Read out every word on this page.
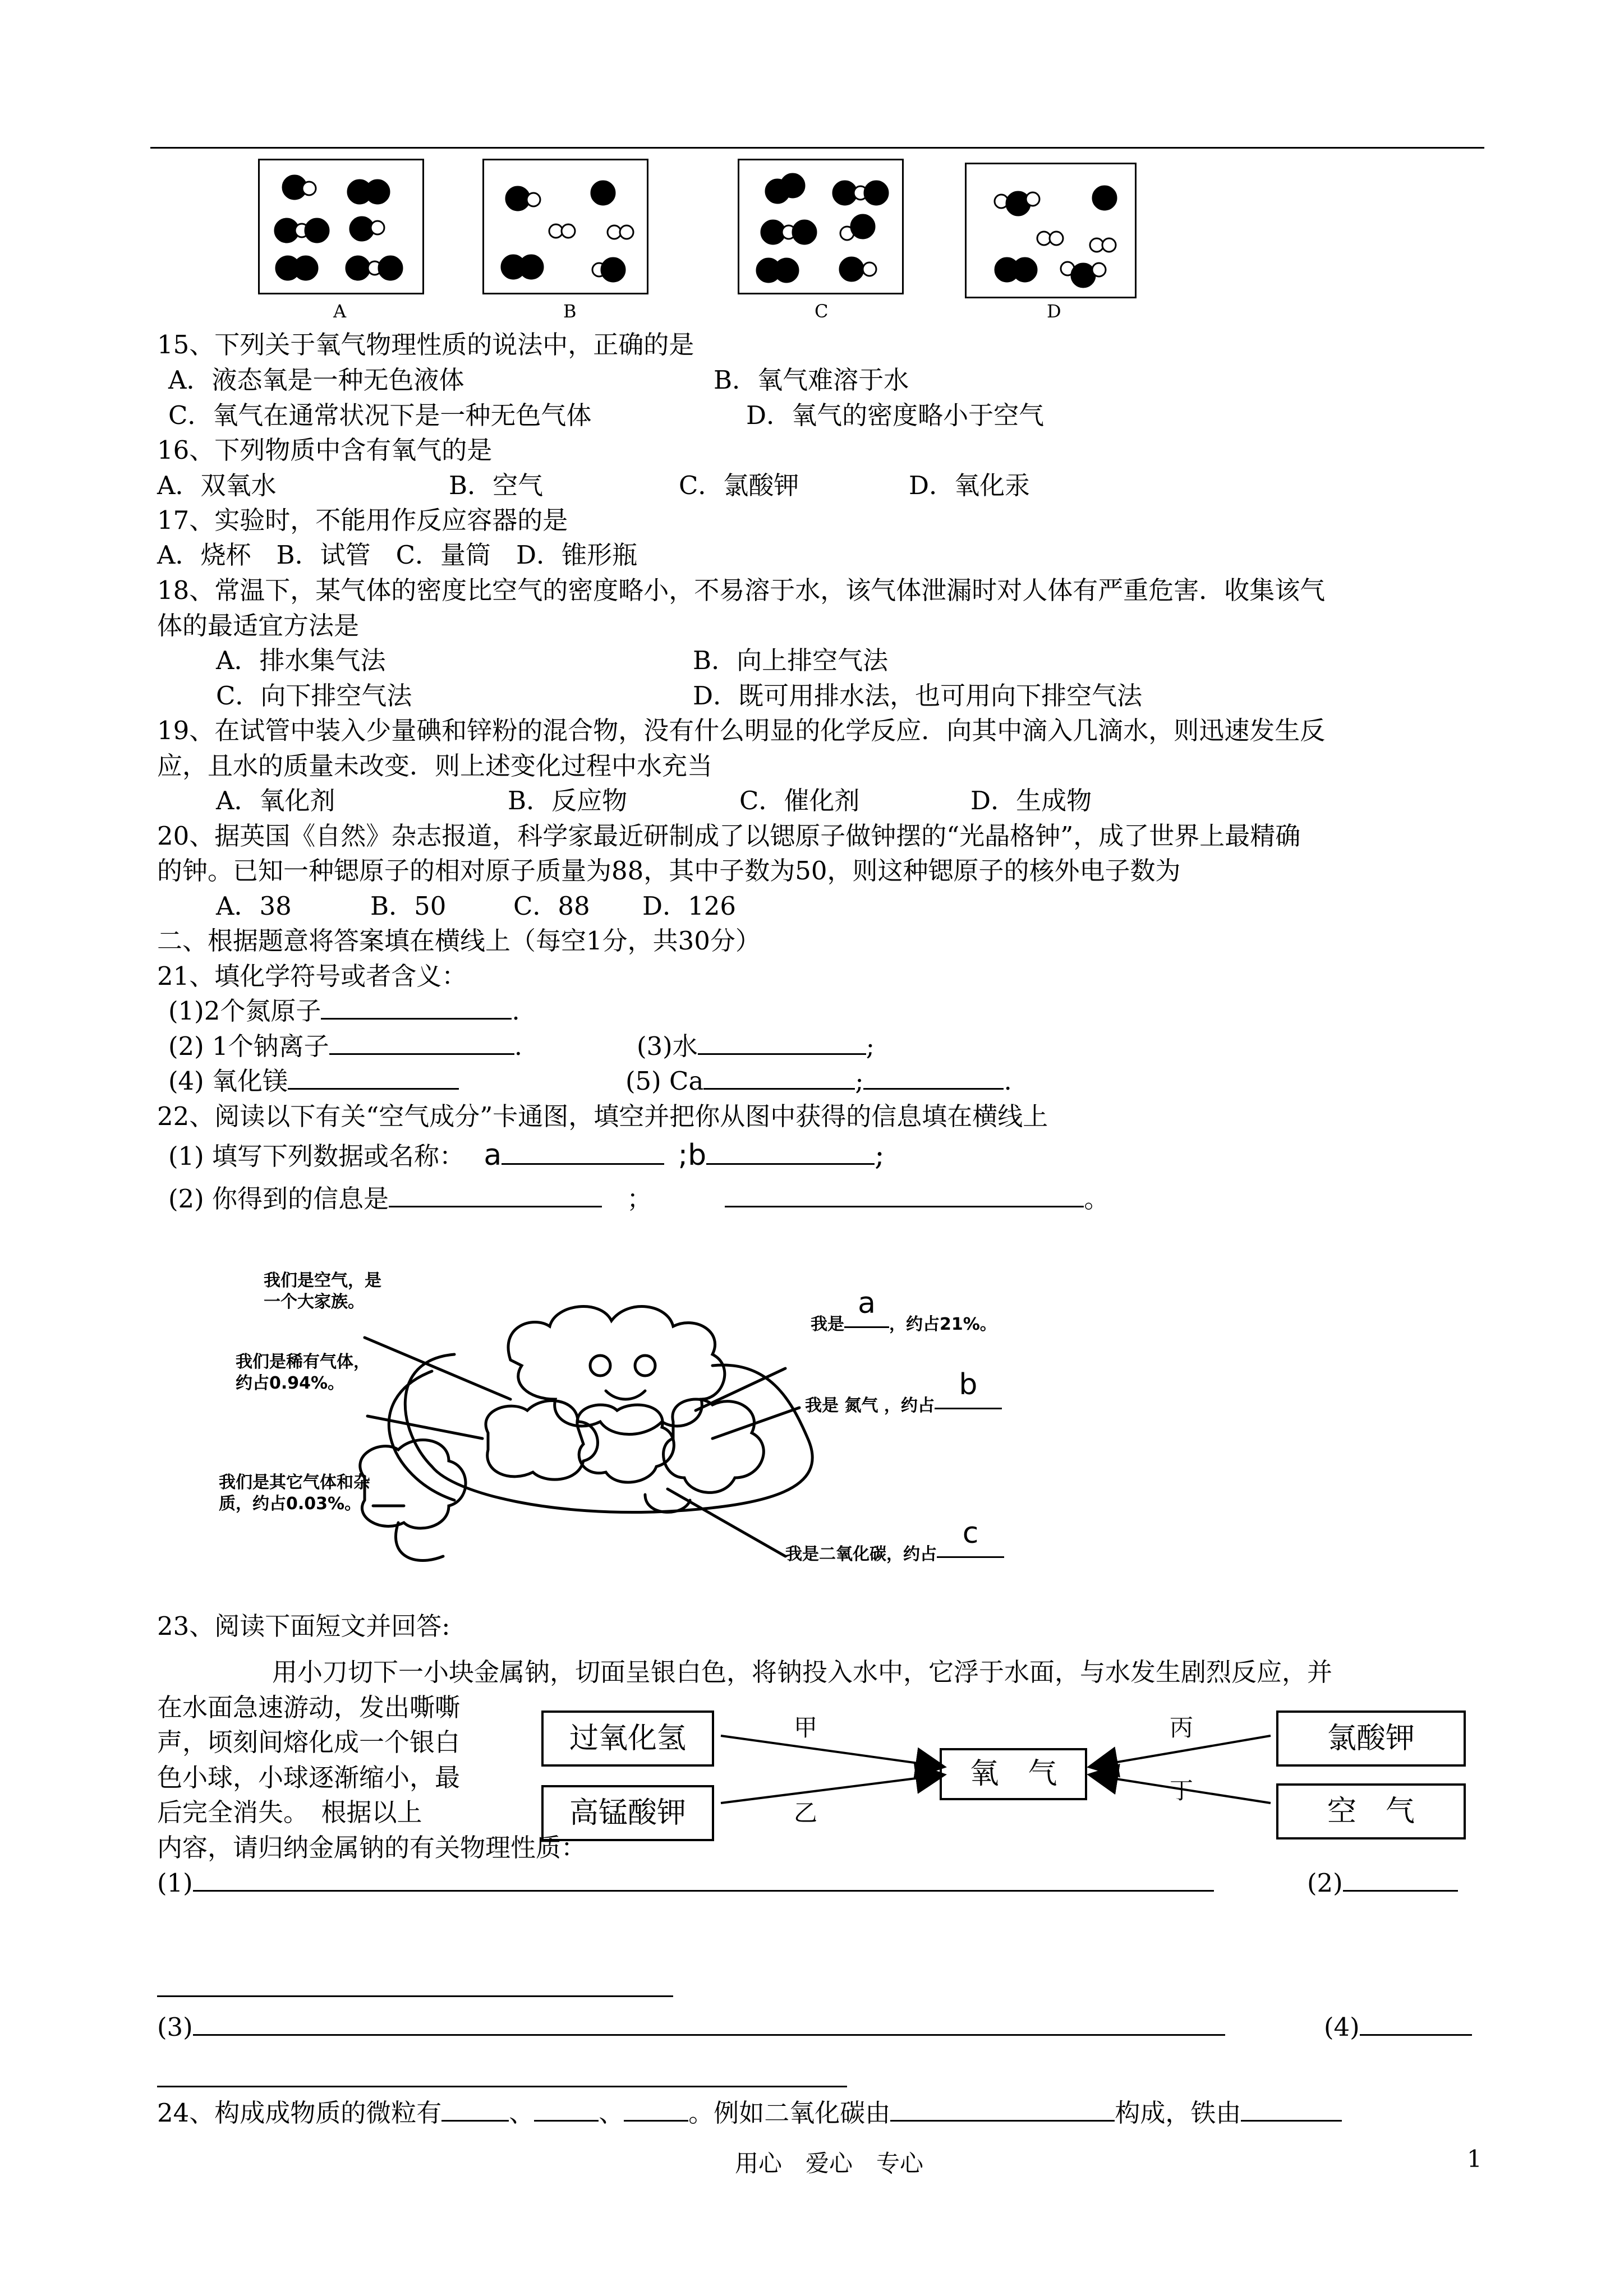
A	B	C	D
15、下列关于氧气物理性质的说法中，正确的是
A．液态氧是一种无色液体	B．氧气难溶于水
C．氧气在通常状况下是一种无色气体	D．氧气的密度略小于空气
16、下列物质中含有氧气的是
A．双氧水	B．空气	C．氯酸钾	D．氧化汞
17、实验时，不能用作反应容器的是
A．烧杯　B．试管　C．量筒　D．锥形瓶
18、常温下，某气体的密度比空气的密度略小，不易溶于水，该气体泄漏时对人体有严重危害．收集该气
体的最适宜方法是
A．排水集气法	B．向上排空气法
C．向下排空气法	D．既可用排水法，也可用向下排空气法
19、在试管中装入少量碘和锌粉的混合物，没有什么明显的化学反应．向其中滴入几滴水，则迅速发生反
应，且水的质量未改变．则上述变化过程中水充当
A．氧化剂	B．反应物	C．催化剂	D．生成物
20、据英国《自然》杂志报道，科学家最近研制成了以锶原子做钟摆的“光晶格钟”，成了世界上最精确
的钟。已知一种锶原子的相对原子质量为88，其中子数为50，则这种锶原子的核外电子数为
A．38	B．50	C．88 D．126
二、根据题意将答案填在横线上（每空1分，共30分）
21、填化学符号或者含义：
(1)2个氮原子	.
(2) 1个钠离子	.	(3)水	;
(4) 氧化镁	(5) Ca	;	.
22、阅读以下有关“空气成分”卡通图，填空并把你从图中获得的信息填在横线上
(1) 填写下列数据或名称： a	;b	;
(2) 你得到的信息是	；	。
我们是空气，是一个大家族。
我们是稀有气体，约占0.94%。
我们是其它气体和杂质，约占0.03%。
我是a，约占21%。
我是 氮气 ，约占b
我是二氧化碳，约占c
23、阅读下面短文并回答:
用小刀切下一小块金属钠，切面呈银白色，将钠投入水中，它浮于水面，与水发生剧烈反应，并
在水面急速游动，发出嘶嘶
声，顷刻间熔化成一个银白
色小球，小球逐渐缩小，最
后完全消失。　根据以上
内容，请归纳金属钠的有关物理性质：
过氧化氢
高锰酸钾
氧　气
氯酸钾
空　气
甲
乙
丙
丁
(1)	(2)
(3)	(4)
24、构成成物质的微粒有	、	、	。例如二氧化碳由	构成，铁由
用心　爱心　专心	1
